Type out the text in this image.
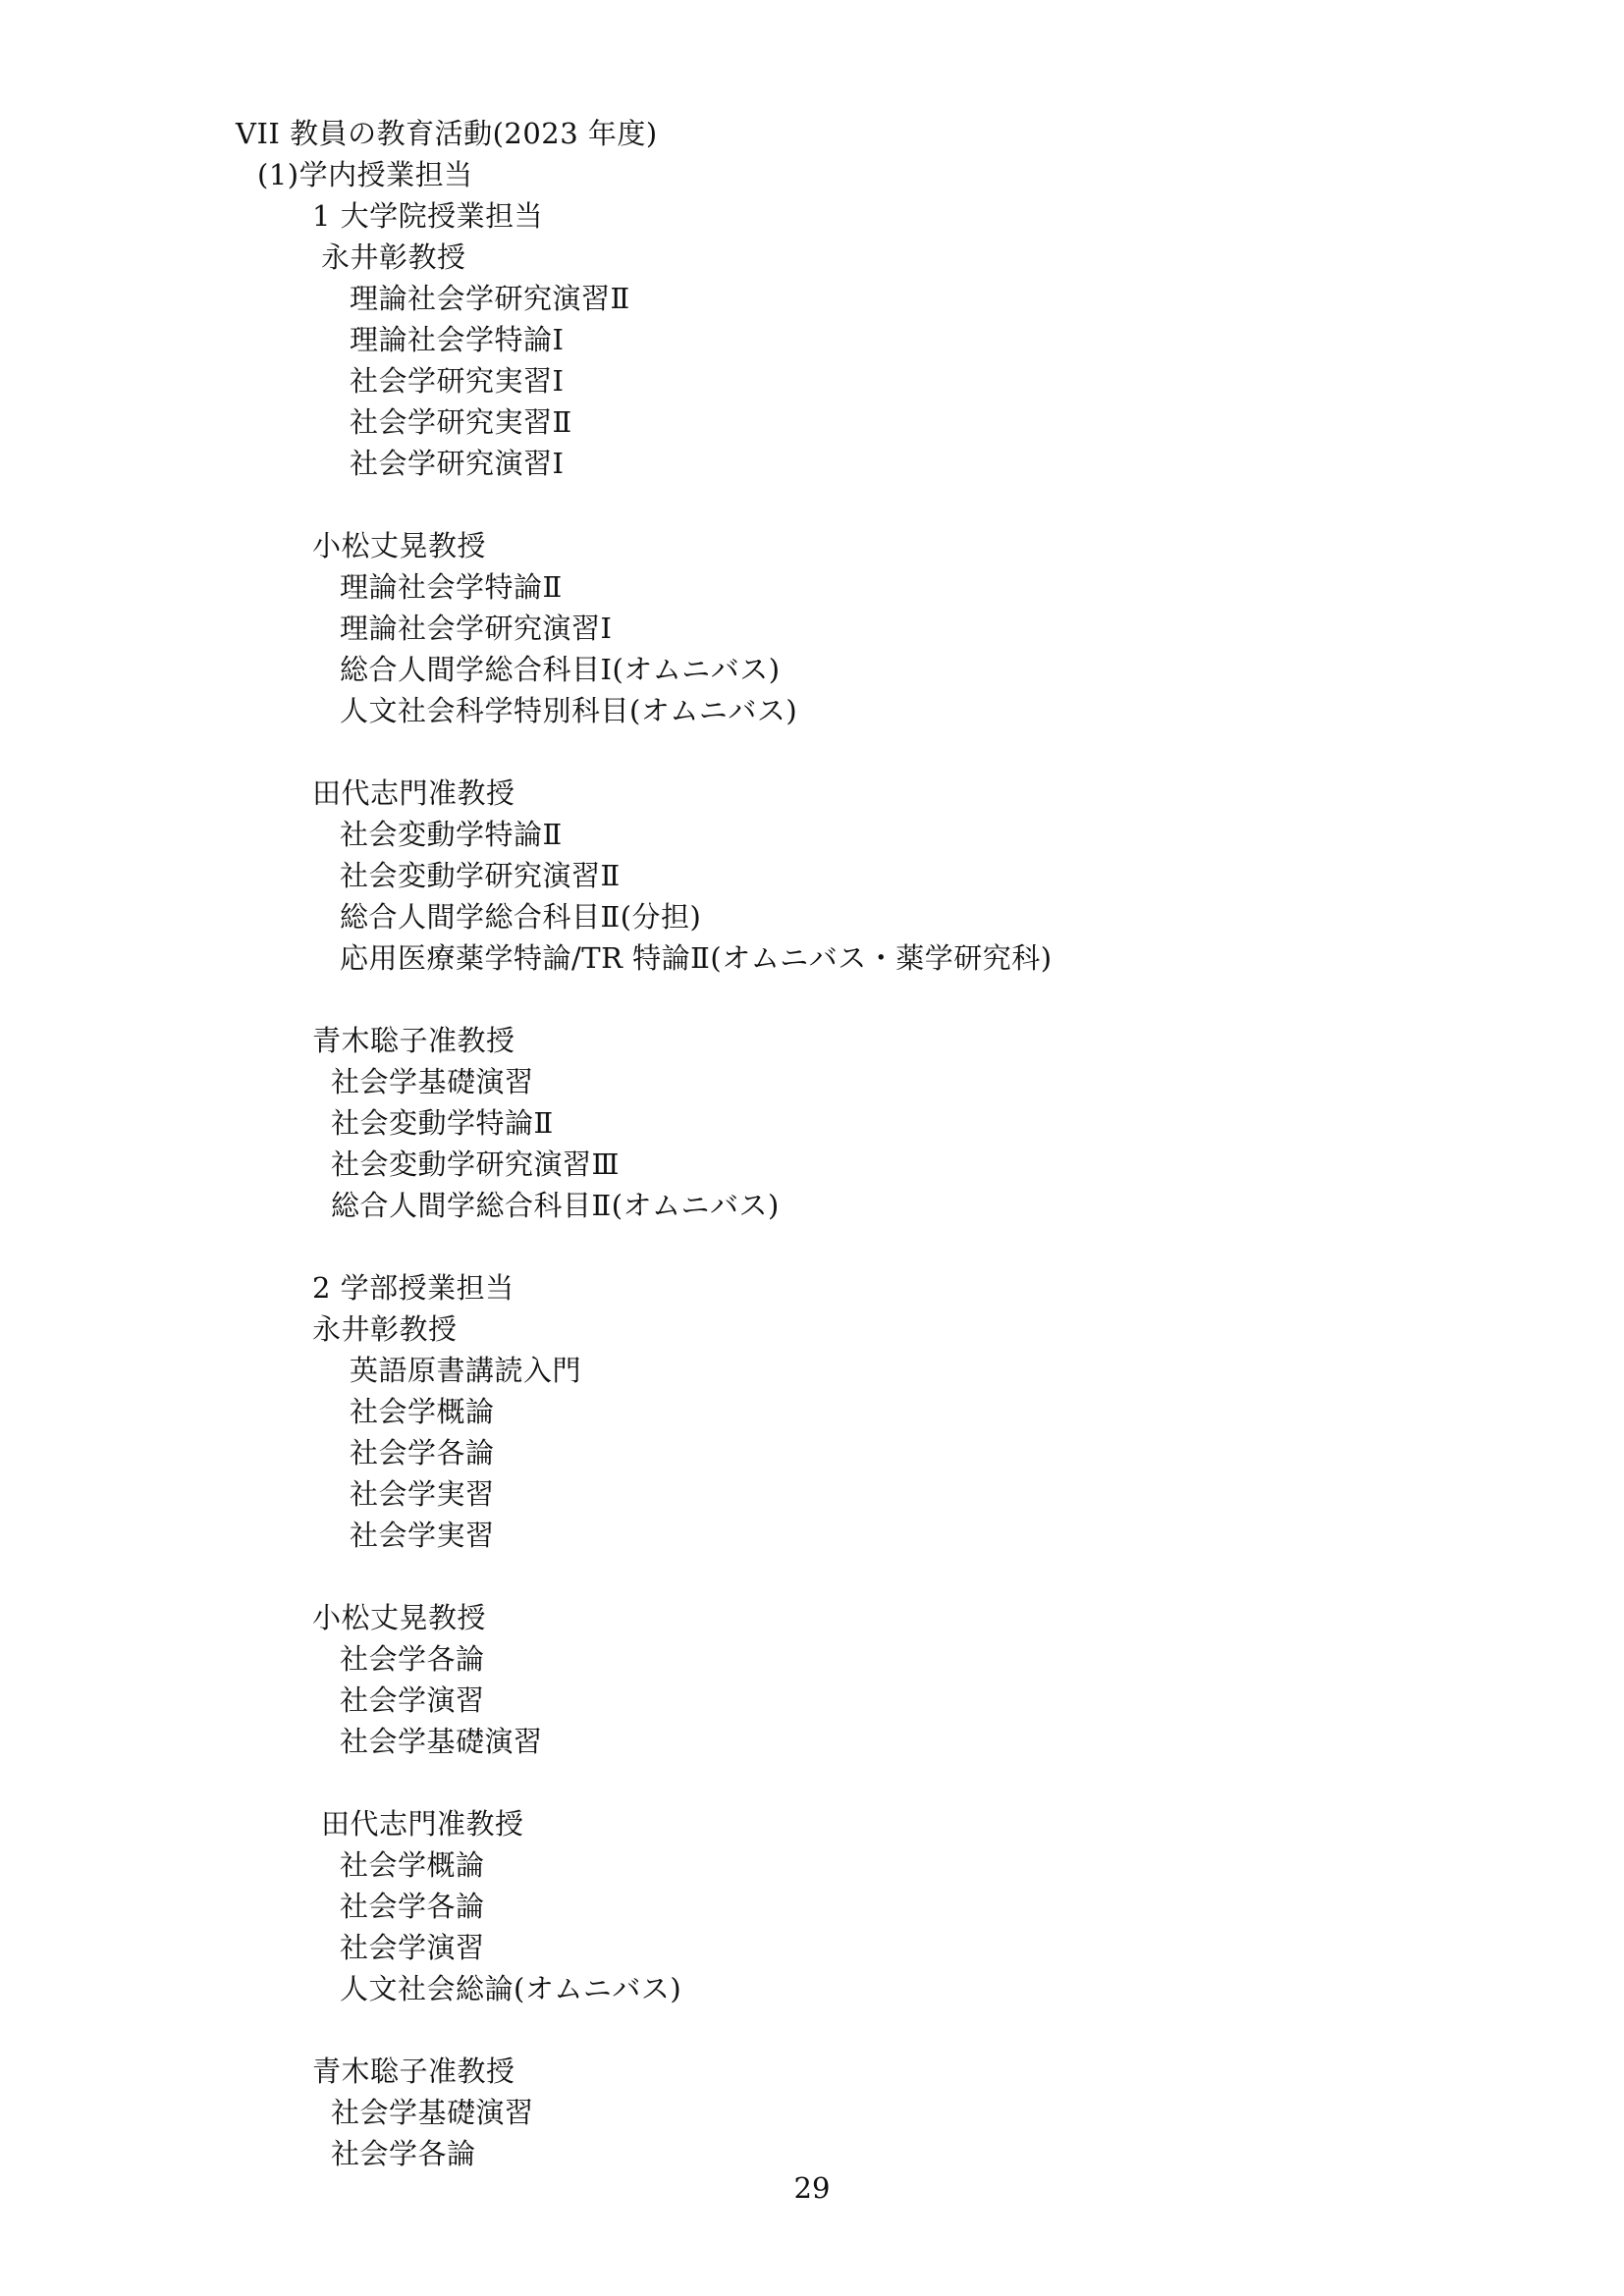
VII 教員の教育活動(2023 年度)
(1)学内授業担当
1 大学院授業担当
永井彰教授
理論社会学研究演習Ⅱ
理論社会学特論Ⅰ
社会学研究実習Ⅰ
社会学研究実習Ⅱ
社会学研究演習Ⅰ
小松丈晃教授
理論社会学特論Ⅱ
理論社会学研究演習Ⅰ
総合人間学総合科目Ⅰ(オムニバス)
人文社会科学特別科目(オムニバス)
田代志門准教授
社会変動学特論Ⅱ
社会変動学研究演習Ⅱ
総合人間学総合科目Ⅱ(分担)
応用医療薬学特論/TR 特論Ⅱ(オムニバス・薬学研究科)
青木聡子准教授
社会学基礎演習
社会変動学特論Ⅱ
社会変動学研究演習Ⅲ
総合人間学総合科目Ⅱ(オムニバス)
2 学部授業担当
永井彰教授
英語原書講読入門
社会学概論
社会学各論
社会学実習
社会学実習
小松丈晃教授
社会学各論
社会学演習
社会学基礎演習
田代志門准教授
社会学概論
社会学各論
社会学演習
人文社会総論(オムニバス)
青木聡子准教授
社会学基礎演習
社会学各論
29
